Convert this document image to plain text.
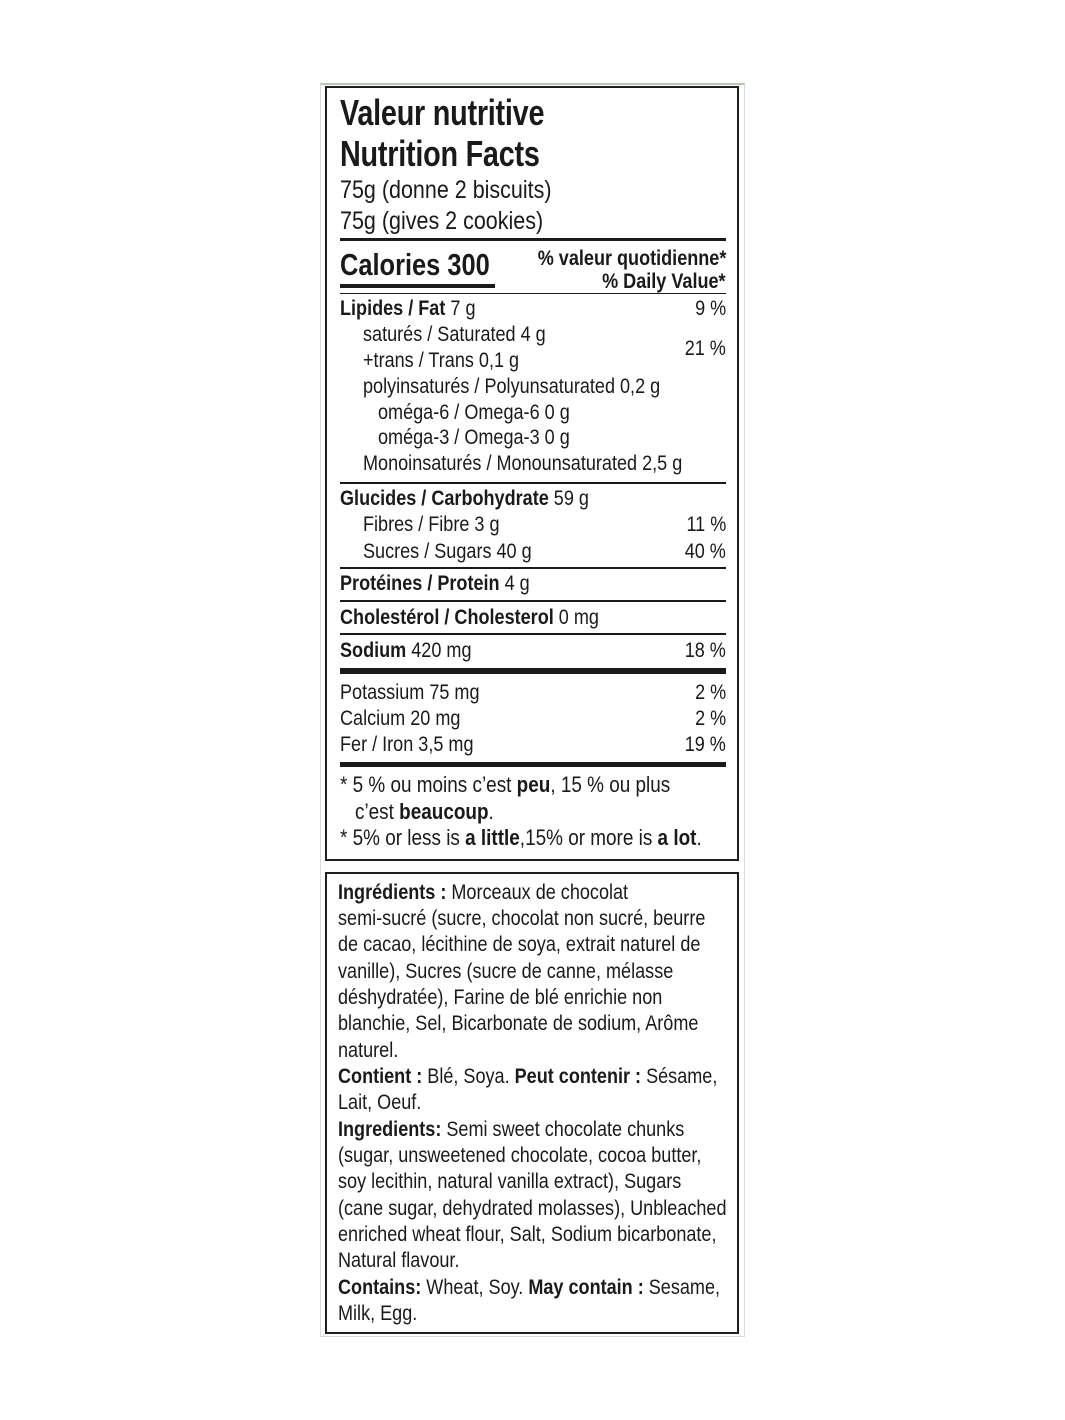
Valeur nutritive
Nutrition Facts
75g (donne 2 biscuits)
75g (gives 2 cookies)
Calories 300 % valeur quotidienne*
% Daily Value*
Lipides / Fat 7 g	9 %
saturés / Saturated 4 g
+trans / Trans 0,1 g
21 %
polyinsaturés / Polyunsaturated 0,2 g
oméga-6 / Omega-6 0 g
oméga-3 / Omega-3 0 g
Monoinsaturés / Monounsaturated 2,5 g
Glucides / Carbohydrate 59 g
Fibres / Fibre 3 g	11 %
Sucres / Sugars 40 g	40 %
Protéines / Protein 4 g
Cholestérol / Cholesterol 0 mg
Sodium 420 mg	18 %
Potassium 75 mg	2 %
Calcium 20 mg	2 %
Fer / Iron 3,5 mg	19 %
* 5 % ou moins c’est peu, 15 % ou plus
c’est beaucoup.
* 5% or less is a little,15% or more is a lot.
Ingrédients : Morceaux de chocolat
semi-sucré (sucre, chocolat non sucré, beurre
de cacao, lécithine de soya, extrait naturel de
vanille), Sucres (sucre de canne, mélasse
déshydratée), Farine de blé enrichie non
blanchie, Sel, Bicarbonate de sodium, Arôme
naturel.
Contient : Blé, Soya. Peut contenir : Sésame,
Lait, Oeuf.
Ingredients: Semi sweet chocolate chunks
(sugar, unsweetened chocolate, cocoa butter,
soy lecithin, natural vanilla extract), Sugars
(cane sugar, dehydrated molasses), Unbleached
enriched wheat flour, Salt, Sodium bicarbonate,
Natural flavour.
Contains: Wheat, Soy. May contain : Sesame,
Milk, Egg.
